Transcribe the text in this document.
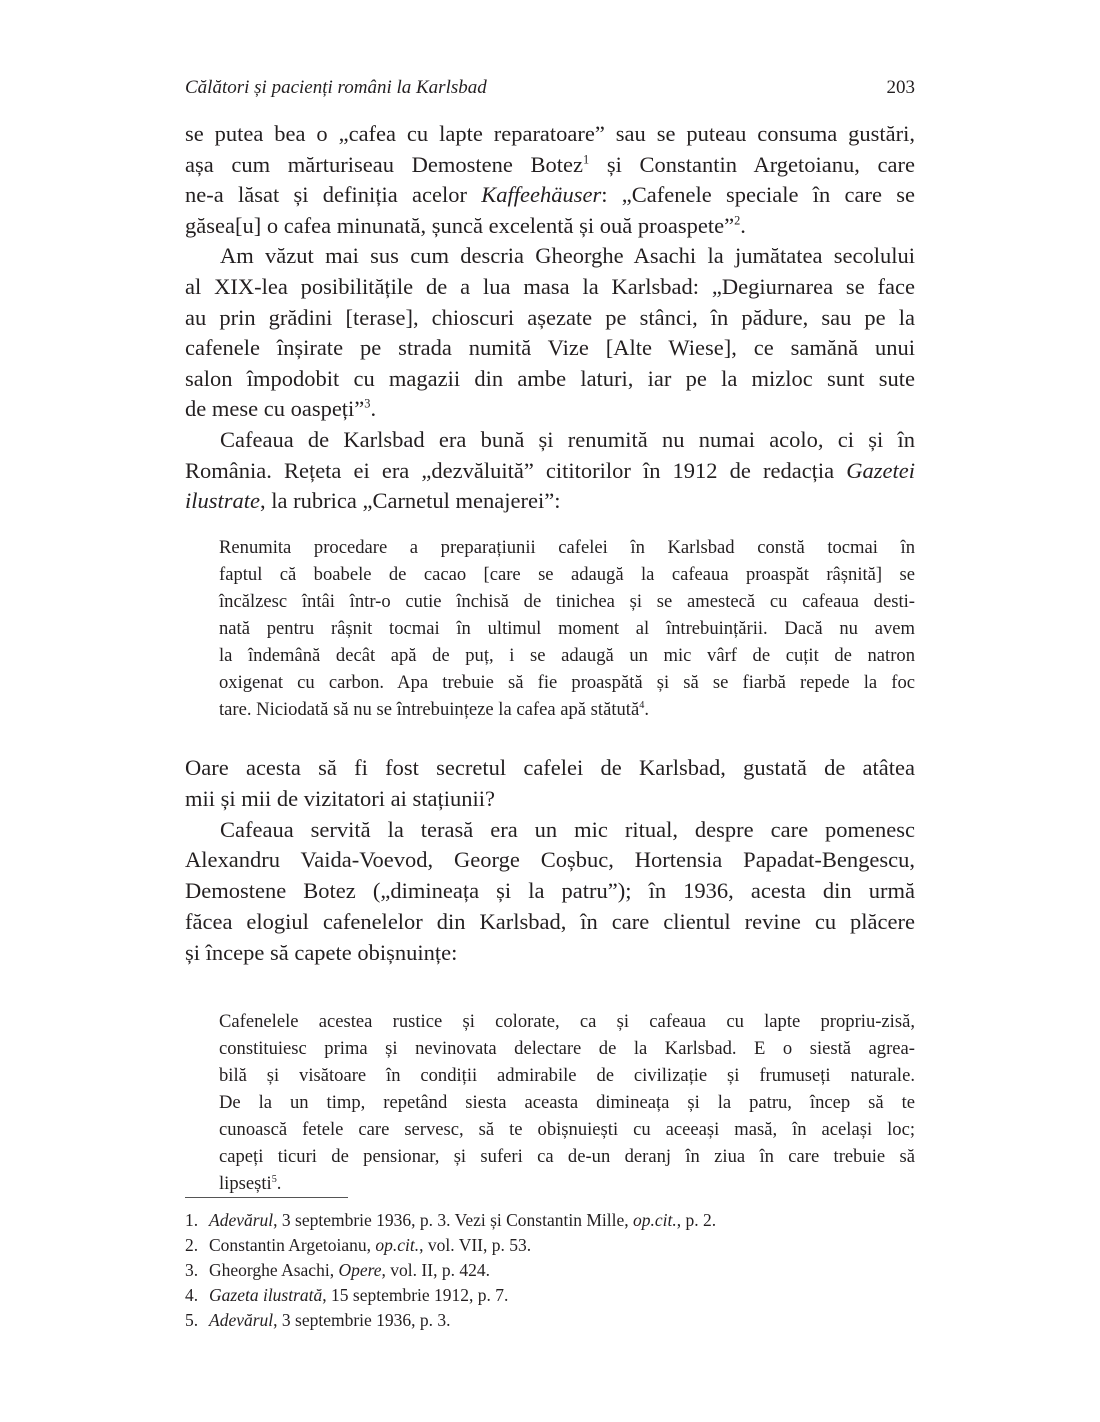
Călători și pacienți români la Karlsbad	203
se putea bea o „cafea cu lapte reparatoare” sau se puteau consuma gustări,
așa cum mărturiseau Demostene Botez$^1$ și Constantin Argetoianu, care
ne-a lăsat și definiția acelor Kaffeehäuser: „Cafenele speciale în care se
găsea[u] o cafea minunată, șuncă excelentă și ouă proaspete”$^2$.
Am văzut mai sus cum descria Gheorghe Asachi la jumătatea secolului
al XIX-lea posibilitățile de a lua masa la Karlsbad: „Degiurnarea se face
au prin grădini [terase], chioscuri așezate pe stânci, în pădure, sau pe la
cafenele înșirate pe strada numită Vize [Alte Wiese], ce samănă unui
salon împodobit cu magazii din ambe laturi, iar pe la mizloc sunt sute
de mese cu oaspeți”$^3$.
Cafeaua de Karlsbad era bună și renumită nu numai acolo, ci și în
România. Rețeta ei era „dezvăluită” cititorilor în 1912 de redacția Gazetei
ilustrate, la rubrica „Carnetul menajerei”:
Renumita procedare a preparațiunii cafelei în Karlsbad constă tocmai în
faptul că boabele de cacao [care se adaugă la cafeaua proaspăt râșnită] se
încălzesc întâi într-o cutie închisă de tinichea și se amestecă cu cafeaua desti-
nată pentru râșnit tocmai în ultimul moment al întrebuințării. Dacă nu avem
la îndemână decât apă de puț, i se adaugă un mic vârf de cuțit de natron
oxigenat cu carbon. Apa trebuie să fie proaspătă și să se fiarbă repede la foc
tare. Niciodată să nu se întrebuințeze la cafea apă stătută$^4$.
Oare acesta să fi fost secretul cafelei de Karlsbad, gustată de atâtea
mii și mii de vizitatori ai stațiunii?
Cafeaua servită la terasă era un mic ritual, despre care pomenesc
Alexandru Vaida-Voevod, George Coșbuc, Hortensia Papadat-Bengescu,
Demostene Botez („dimineața și la patru”); în 1936, acesta din urmă
făcea elogiul cafenelelor din Karlsbad, în care clientul revine cu plăcere
și începe să capete obișnuințe:
Cafenelele acestea rustice și colorate, ca și cafeaua cu lapte propriu-zisă,
constituiesc prima și nevinovata delectare de la Karlsbad. E o siestă agrea-
bilă și visătoare în condiții admirabile de civilizație și frumuseți naturale.
De la un timp, repetând siesta aceasta dimineața și la patru, încep să te
cunoască fetele care servesc, să te obișnuiești cu aceeași masă, în același loc;
capeți ticuri de pensionar, și suferi ca de-un deranj în ziua în care trebuie să
lipsești$^5$.
1. Adevărul, 3 septembrie 1936, p. 3. Vezi și Constantin Mille, op.cit., p. 2.
2. Constantin Argetoianu, op.cit., vol. VII, p. 53.
3. Gheorghe Asachi, Opere, vol. II, p. 424.
4. Gazeta ilustrată, 15 septembrie 1912, p. 7.
5. Adevărul, 3 septembrie 1936, p. 3.
